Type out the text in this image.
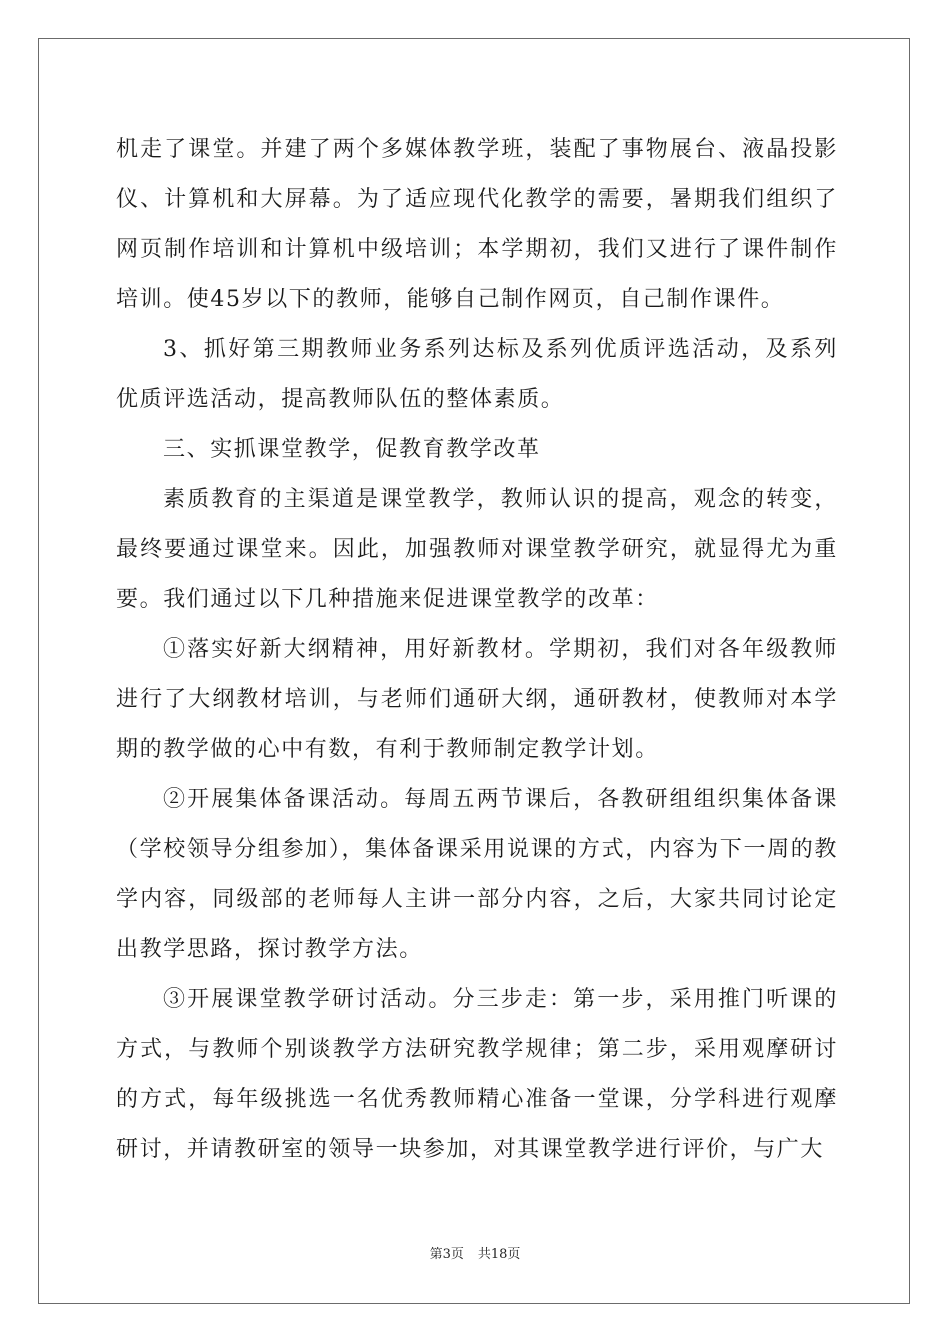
机走了课堂。并建了两个多媒体教学班，装配了事物展台、液晶投影仪、计算机和大屏幕。为了适应现代化教学的需要，暑期我们组织了网页制作培训和计算机中级培训；本学期初，我们又进行了课件制作培训。使45岁以下的教师，能够自己制作网页，自己制作课件。

3、抓好第三期教师业务系列达标及系列优质评选活动，及系列优质评选活动，提高教师队伍的整体素质。

三、实抓课堂教学，促教育教学改革

素质教育的主渠道是课堂教学，教师认识的提高，观念的转变，最终要通过课堂来。因此，加强教师对课堂教学研究，就显得尤为重要。我们通过以下几种措施来促进课堂教学的改革：

①落实好新大纲精神，用好新教材。学期初，我们对各年级教师进行了大纲教材培训，与老师们通研大纲，通研教材，使教师对本学期的教学做的心中有数，有利于教师制定教学计划。

②开展集体备课活动。每周五两节课后，各教研组组织集体备课（学校领导分组参加），集体备课采用说课的方式，内容为下一周的教学内容，同级部的老师每人主讲一部分内容，之后，大家共同讨论定出教学思路，探讨教学方法。

③开展课堂教学研讨活动。分三步走：第一步，采用推门听课的方式，与教师个别谈教学方法研究教学规律；第二步，采用观摩研讨的方式，每年级挑选一名优秀教师精心准备一堂课，分学科进行观摩研讨，并请教研室的领导一块参加，对其课堂教学进行评价，与广大

第3页 共18页
